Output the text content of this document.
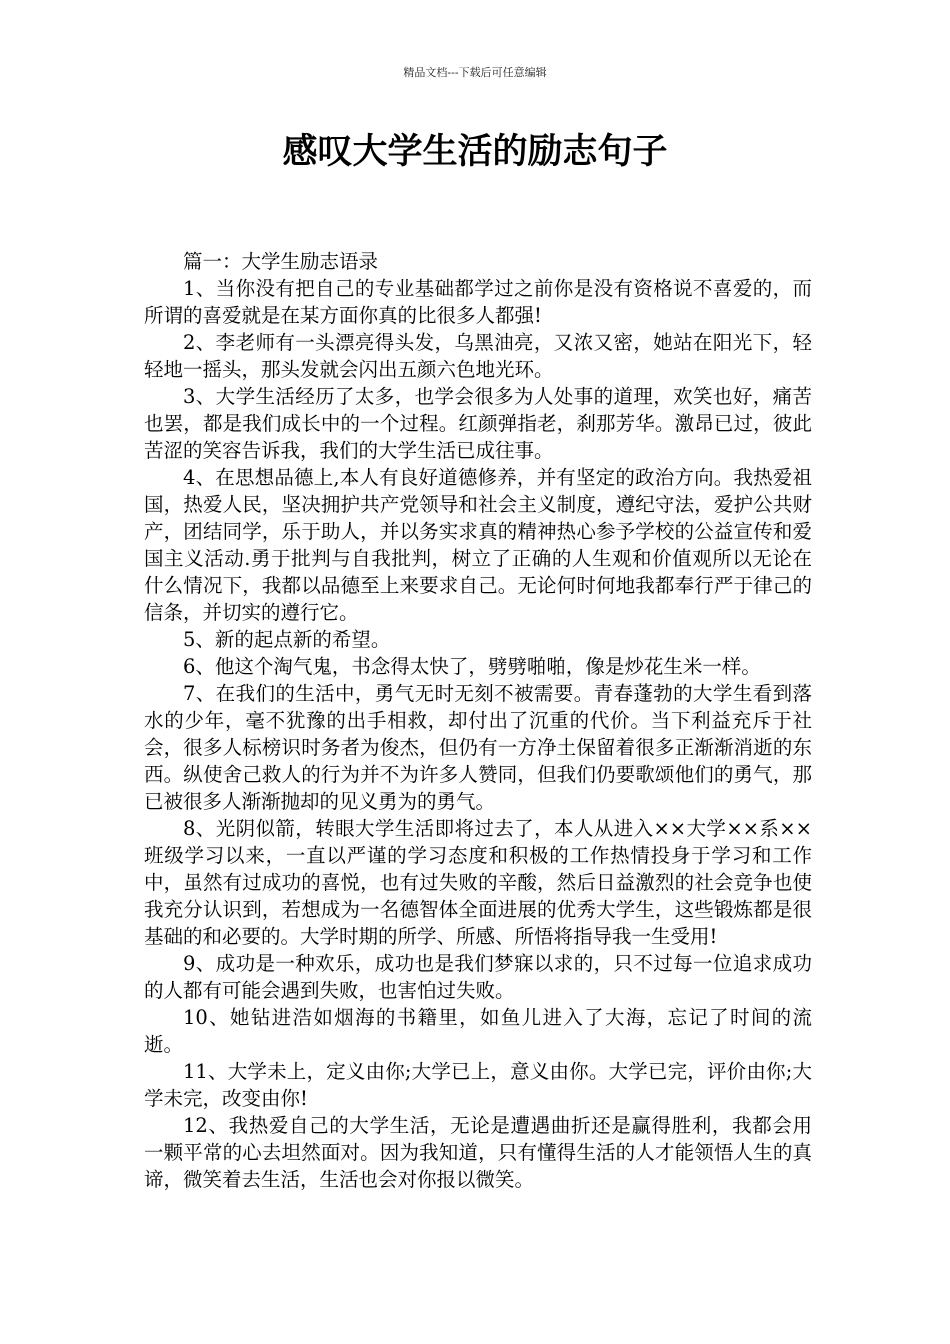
精品文档---下载后可任意编辑
感叹大学生活的励志句子

篇一：大学生励志语录

1、当你没有把自己的专业基础都学过之前你是没有资格说不喜爱的，而所谓的喜爱就是在某方面你真的比很多人都强!

2、李老师有一头漂亮得头发，乌黑油亮，又浓又密，她站在阳光下，轻轻地一摇头，那头发就会闪出五颜六色地光环。

3、大学生活经历了太多，也学会很多为人处事的道理，欢笑也好，痛苦也罢，都是我们成长中的一个过程。红颜弹指老，刹那芳华。激昂已过，彼此苦涩的笑容告诉我，我们的大学生活已成往事。

4、在思想品德上,本人有良好道德修养，并有坚定的政治方向。我热爱祖国，热爱人民，坚决拥护共产党领导和社会主义制度，遵纪守法，爱护公共财产，团结同学，乐于助人，并以务实求真的精神热心参予学校的公益宣传和爱国主义活动.勇于批判与自我批判，树立了正确的人生观和价值观所以无论在什么情况下，我都以品德至上来要求自己。无论何时何地我都奉行严于律己的信条，并切实的遵行它。

5、新的起点新的希望。

6、他这个淘气鬼，书念得太快了，劈劈啪啪，像是炒花生米一样。

7、在我们的生活中，勇气无时无刻不被需要。青春蓬勃的大学生看到落水的少年，毫不犹豫的出手相救，却付出了沉重的代价。当下利益充斥于社会，很多人标榜识时务者为俊杰，但仍有一方净土保留着很多正渐渐消逝的东西。纵使舍己救人的行为并不为许多人赞同，但我们仍要歌颂他们的勇气，那已被很多人渐渐抛却的见义勇为的勇气。

8、光阴似箭，转眼大学生活即将过去了，本人从进入××大学××系××班级学习以来，一直以严谨的学习态度和积极的工作热情投身于学习和工作中，虽然有过成功的喜悦，也有过失败的辛酸，然后日益激烈的社会竞争也使我充分认识到，若想成为一名德智体全面进展的优秀大学生，这些锻炼都是很基础的和必要的。大学时期的所学、所感、所悟将指导我一生受用!

9、成功是一种欢乐，成功也是我们梦寐以求的，只不过每一位追求成功的人都有可能会遇到失败，也害怕过失败。

10、她钻进浩如烟海的书籍里，如鱼儿进入了大海，忘记了时间的流逝。

11、大学未上，定义由你;大学已上，意义由你。大学已完，评价由你;大学未完，改变由你!

12、我热爱自己的大学生活，无论是遭遇曲折还是赢得胜利，我都会用一颗平常的心去坦然面对。因为我知道，只有懂得生活的人才能领悟人生的真谛，微笑着去生活，生活也会对你报以微笑。
